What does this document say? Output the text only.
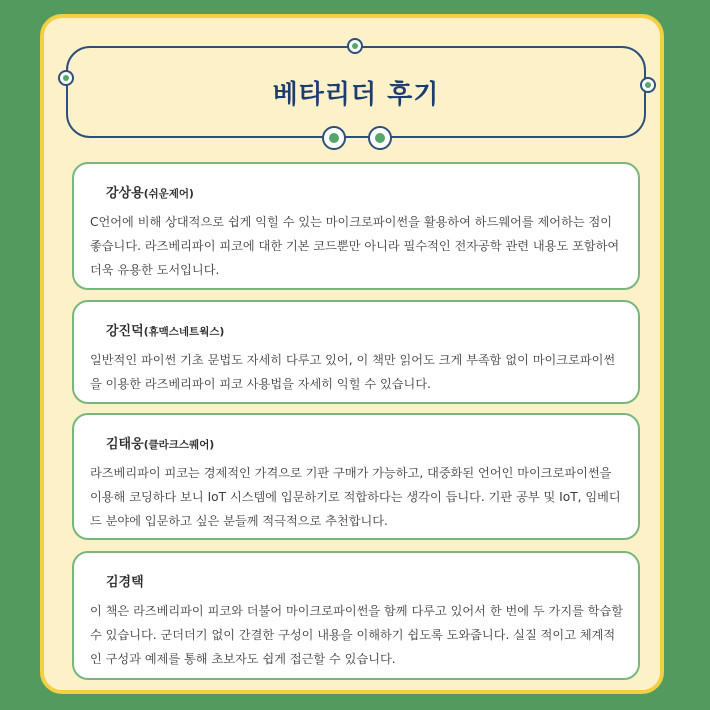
베타리더 후기
강상용(쉬운제어)
C언어에 비해 상대적으로 쉽게 익힐 수 있는 마이크로파이썬을 활용하여 하드웨어를 제어하는 점이 좋습니다. 라즈베리파이 피코에 대한 기본 코드뿐만 아니라 필수적인 전자공학 관련 내용도 포함하여 더욱 유용한 도서입니다.
강진덕(휴맥스네트웍스)
일반적인 파이썬 기초 문법도 자세히 다루고 있어, 이 책만 읽어도 크게 부족함 없이 마이크로파이썬을 이용한 라즈베리파이 피코 사용법을 자세히 익힐 수 있습니다.
김태웅(클라크스퀘어)
라즈베리파이 피코는 경제적인 가격으로 기판 구매가 가능하고, 대중화된 언어인 마이크로파이썬을 이용해 코딩하다 보니 IoT 시스템에 입문하기로 적합하다는 생각이 듭니다. 기판 공부 및 IoT, 임베디드 분야에 입문하고 싶은 분들께 적극적으로 추천합니다.
김경택
이 책은 라즈베리파이 피코와 더불어 마이크로파이썬을 함께 다루고 있어서 한 번에 두 가지를 학습할 수 있습니다. 군더더기 없이 간결한 구성이 내용을 이해하기 쉽도록 도와줍니다. 실질 적이고 체계적인 구성과 예제를 통해 초보자도 쉽게 접근할 수 있습니다.
